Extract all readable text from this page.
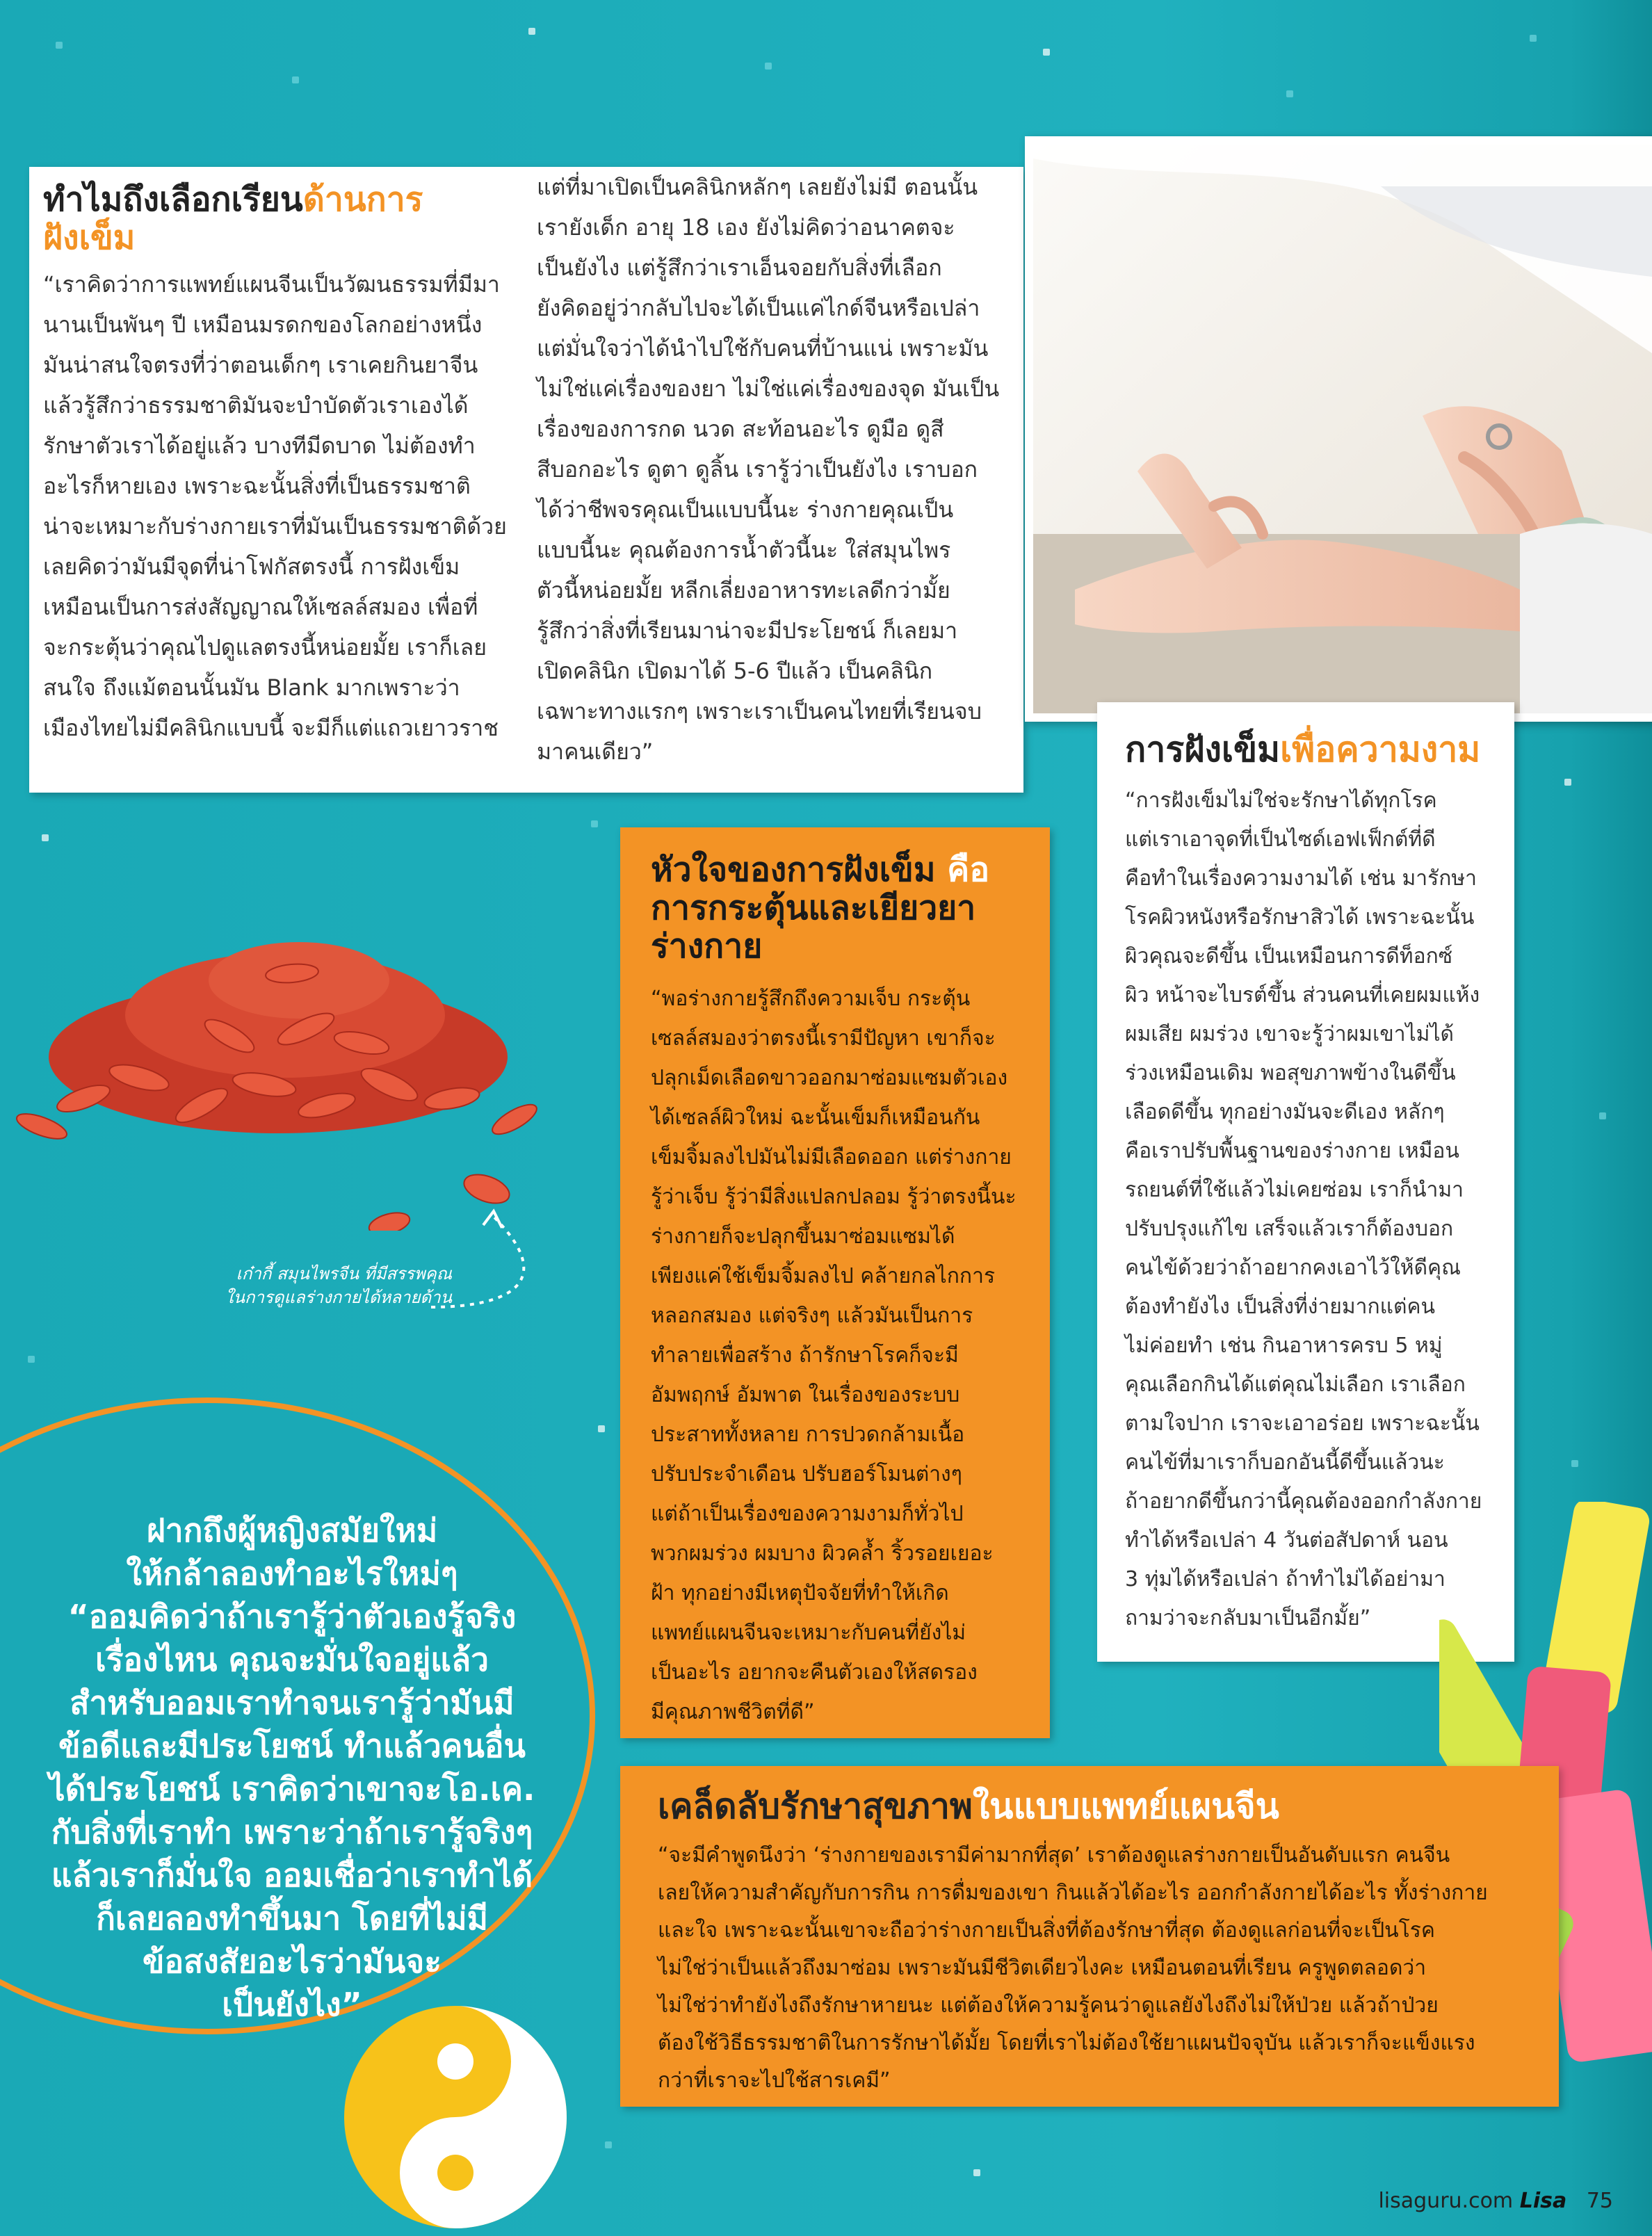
ทำไมถึงเลือกเรียนด้านการ
ฝังเข็ม
“เราคิดว่าการแพทย์แผนจีนเป็นวัฒนธรรมที่มีมา
นานเป็นพันๆ ปี เหมือนมรดกของโลกอย่างหนึ่ง
มันน่าสนใจตรงที่ว่าตอนเด็กๆ เราเคยกินยาจีน
แล้วรู้สึกว่าธรรมชาติมันจะบำบัดตัวเราเองได้
รักษาตัวเราได้อยู่แล้ว บางทีมีดบาด ไม่ต้องทำ
อะไรก็หายเอง เพราะฉะนั้นสิ่งที่เป็นธรรมชาติ
น่าจะเหมาะกับร่างกายเราที่มันเป็นธรรมชาติด้วย
เลยคิดว่ามันมีจุดที่น่าโฟกัสตรงนี้ การฝังเข็ม
เหมือนเป็นการส่งสัญญาณให้เซลล์สมอง เพื่อที่
จะกระตุ้นว่าคุณไปดูแลตรงนี้หน่อยมั้ย เราก็เลย
สนใจ ถึงแม้ตอนนั้นมัน Blank มากเพราะว่า
เมืองไทยไม่มีคลินิกแบบนี้ จะมีก็แต่แถวเยาวราช
แต่ที่มาเปิดเป็นคลินิกหลักๆ เลยยังไม่มี ตอนนั้น
เรายังเด็ก อายุ 18 เอง ยังไม่คิดว่าอนาคตจะ
เป็นยังไง แต่รู้สึกว่าเราเอ็นจอยกับสิ่งที่เลือก
ยังคิดอยู่ว่ากลับไปจะได้เป็นแค่ไกด์จีนหรือเปล่า
แต่มั่นใจว่าได้นำไปใช้กับคนที่บ้านแน่ เพราะมัน
ไม่ใช่แค่เรื่องของยา ไม่ใช่แค่เรื่องของจุด มันเป็น
เรื่องของการกด นวด สะท้อนอะไร ดูมือ ดูสี
สีบอกอะไร ดูตา ดูลิ้น เรารู้ว่าเป็นยังไง เราบอก
ได้ว่าชีพจรคุณเป็นแบบนี้นะ ร่างกายคุณเป็น
แบบนี้นะ คุณต้องการน้ำตัวนี้นะ ใส่สมุนไพร
ตัวนี้หน่อยมั้ย หลีกเลี่ยงอาหารทะเลดีกว่ามั้ย
รู้สึกว่าสิ่งที่เรียนมาน่าจะมีประโยชน์ ก็เลยมา
เปิดคลินิก เปิดมาได้ 5-6 ปีแล้ว เป็นคลินิก
เฉพาะทางแรกๆ เพราะเราเป็นคนไทยที่เรียนจบ
มาคนเดียว”
เก๋ากี้ สมุนไพรจีน ที่มีสรรพคุณ
ในการดูแลร่างกายได้หลายด้าน
การฝังเข็มเพื่อความงาม
“การฝังเข็มไม่ใช่จะรักษาได้ทุกโรค
แต่เราเอาจุดที่เป็นไซด์เอฟเฟ็กต์ที่ดี
คือทำในเรื่องความงามได้ เช่น มารักษา
โรคผิวหนังหรือรักษาสิวได้ เพราะฉะนั้น
ผิวคุณจะดีขึ้น เป็นเหมือนการดีท็อกซ์
ผิว หน้าจะไบรต์ขึ้น ส่วนคนที่เคยผมแห้ง
ผมเสีย ผมร่วง เขาจะรู้ว่าผมเขาไม่ได้
ร่วงเหมือนเดิม พอสุขภาพข้างในดีขึ้น
เลือดดีขึ้น ทุกอย่างมันจะดีเอง หลักๆ
คือเราปรับพื้นฐานของร่างกาย เหมือน
รถยนต์ที่ใช้แล้วไม่เคยซ่อม เราก็นำมา
ปรับปรุงแก้ไข เสร็จแล้วเราก็ต้องบอก
คนไข้ด้วยว่าถ้าอยากคงเอาไว้ให้ดีคุณ
ต้องทำยังไง เป็นสิ่งที่ง่ายมากแต่คน
ไม่ค่อยทำ เช่น กินอาหารครบ 5 หมู่
คุณเลือกกินได้แต่คุณไม่เลือก เราเลือก
ตามใจปาก เราจะเอาอร่อย เพราะฉะนั้น
คนไข้ที่มาเราก็บอกอันนี้ดีขึ้นแล้วนะ
ถ้าอยากดีขึ้นกว่านี้คุณต้องออกกำลังกาย
ทำได้หรือเปล่า 4 วันต่อสัปดาห์ นอน
3 ทุ่มได้หรือเปล่า ถ้าทำไม่ได้อย่ามา
ถามว่าจะกลับมาเป็นอีกมั้ย”
หัวใจของการฝังเข็ม คือ
การกระตุ้นและเยียวยา
ร่างกาย
“พอร่างกายรู้สึกถึงความเจ็บ กระตุ้น
เซลล์สมองว่าตรงนี้เรามีปัญหา เขาก็จะ
ปลุกเม็ดเลือดขาวออกมาซ่อมแซมตัวเอง
ได้เซลล์ผิวใหม่ ฉะนั้นเข็มก็เหมือนกัน
เข็มจิ้มลงไปมันไม่มีเลือดออก แต่ร่างกาย
รู้ว่าเจ็บ รู้ว่ามีสิ่งแปลกปลอม รู้ว่าตรงนี้นะ
ร่างกายก็จะปลุกขึ้นมาซ่อมแซมได้
เพียงแค่ใช้เข็มจิ้มลงไป คล้ายกลไกการ
หลอกสมอง แต่จริงๆ แล้วมันเป็นการ
ทำลายเพื่อสร้าง ถ้ารักษาโรคก็จะมี
อัมพฤกษ์ อัมพาต ในเรื่องของระบบ
ประสาททั้งหลาย การปวดกล้ามเนื้อ
ปรับประจำเดือน ปรับฮอร์โมนต่างๆ
แต่ถ้าเป็นเรื่องของความงามก็ทั่วไป
พวกผมร่วง ผมบาง ผิวคล้ำ ริ้วรอยเยอะ
ฝ้า ทุกอย่างมีเหตุปัจจัยที่ทำให้เกิด
แพทย์แผนจีนจะเหมาะกับคนที่ยังไม่
เป็นอะไร อยากจะคืนตัวเองให้สดรอง
มีคุณภาพชีวิตที่ดี”
ฝากถึงผู้หญิงสมัยใหม่
ให้กล้าลองทำอะไรใหม่ๆ
“ออมคิดว่าถ้าเรารู้ว่าตัวเองรู้จริง
เรื่องไหน คุณจะมั่นใจอยู่แล้ว
สำหรับออมเราทำจนเรารู้ว่ามันมี
ข้อดีและมีประโยชน์ ทำแล้วคนอื่น
ได้ประโยชน์ เราคิดว่าเขาจะโอ.เค.
กับสิ่งที่เราทำ เพราะว่าถ้าเรารู้จริงๆ
แล้วเราก็มั่นใจ ออมเชื่อว่าเราทำได้
ก็เลยลองทำขึ้นมา โดยที่ไม่มี
ข้อสงสัยอะไรว่ามันจะ
เป็นยังไง”
เคล็ดลับรักษาสุขภาพในแบบแพทย์แผนจีน
“จะมีคำพูดนึงว่า ‘ร่างกายของเรามีค่ามากที่สุด’ เราต้องดูแลร่างกายเป็นอันดับแรก คนจีน
เลยให้ความสำคัญกับการกิน การดื่มของเขา กินแล้วได้อะไร ออกกำลังกายได้อะไร ทั้งร่างกาย
และใจ เพราะฉะนั้นเขาจะถือว่าร่างกายเป็นสิ่งที่ต้องรักษาที่สุด ต้องดูแลก่อนที่จะเป็นโรค
ไม่ใช่ว่าเป็นแล้วถึงมาซ่อม เพราะมันมีชีวิตเดียวไงคะ เหมือนตอนที่เรียน ครูพูดตลอดว่า
ไม่ใช่ว่าทำยังไงถึงรักษาหายนะ แต่ต้องให้ความรู้คนว่าดูแลยังไงถึงไม่ให้ป่วย แล้วถ้าป่วย
ต้องใช้วิธีธรรมชาติในการรักษาได้มั้ย โดยที่เราไม่ต้องใช้ยาแผนปัจจุบัน แล้วเราก็จะแข็งแรง
กว่าที่เราจะไปใช้สารเคมี”
lisaguru.com Lisa 75
